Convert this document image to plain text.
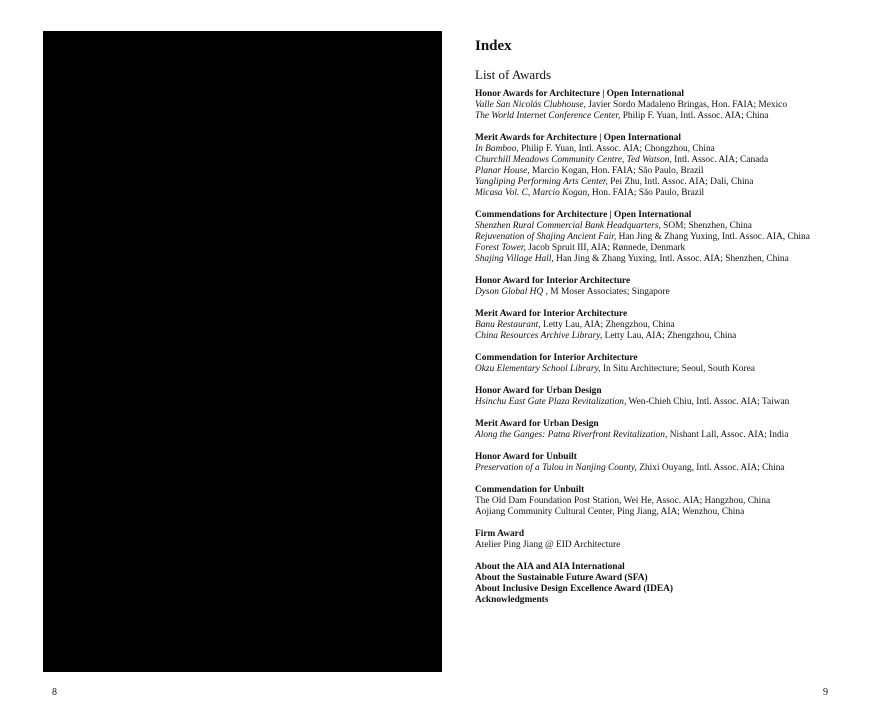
8	9
Index
List of Awards
Honor Awards for Architecture | Open International
Valle San Nicolás Clubhouse, Javier Sordo Madaleno Bringas, Hon. FAIA; Mexico
The World Internet Conference Center, Philip F. Yuan, Intl. Assoc. AIA; China
Merit Awards for Architecture | Open International
In Bamboo, Philip F. Yuan, Intl. Assoc. AIA; Chongzhou, China
Churchill Meadows Community Centre, Ted Watson, Intl. Assoc. AIA; Canada
Planar House, Marcio Kogan, Hon. FAIA; São Paulo, Brazil
Yangliping Performing Arts Center, Pei Zhu, Intl. Assoc. AIA; Dali, China
Micasa Vol. C, Marcio Kogan, Hon. FAIA; São Paulo, Brazil
Commendations for Architecture | Open International
Shenzhen Rural Commercial Bank Headquarters, SOM; Shenzhen, China
Rejuvenation of Shajing Ancient Fair, Han Jing & Zhang Yuxing, Intl. Assoc. AIA, China
Forest Tower, Jacob Spruit III, AIA; Rønnede, Denmark
Shajing Village Hall, Han Jing & Zhang Yuxing, Intl. Assoc. AIA; Shenzhen, China
Honor Award for Interior Architecture
Dyson Global HQ , M Moser Associates; Singapore
Merit Award for Interior Architecture
Banu Restaurant, Letty Lau, AIA; Zhengzhou, China
China Resources Archive Library, Letty Lau, AIA; Zhengzhou, China
Commendation for Interior Architecture
Okzu Elementary School Library, In Situ Architecture; Seoul, South Korea
Honor Award for Urban Design
Hsinchu East Gate Plaza Revitalization, Wen-Chieh Chiu, Intl. Assoc. AIA; Taiwan
Merit Award for Urban Design
Along the Ganges: Patna Riverfront Revitalization, Nishant Lall, Assoc. AIA; India
Honor Award for Unbuilt
Preservation of a Tulou in Nanjing County, Zhixi Ouyang, Intl. Assoc. AIA; China
Commendation for Unbuilt
The Old Dam Foundation Post Station, Wei He, Assoc. AIA; Hangzhou, China
Aojiang Community Cultural Center, Ping Jiang, AIA; Wenzhou, China
Firm Award
Atelier Ping Jiang @ EID Architecture
About the AIA and AIA International
About the Sustainable Future Award (SFA)
About Inclusive Design Excellence Award (IDEA)
Acknowledgments
